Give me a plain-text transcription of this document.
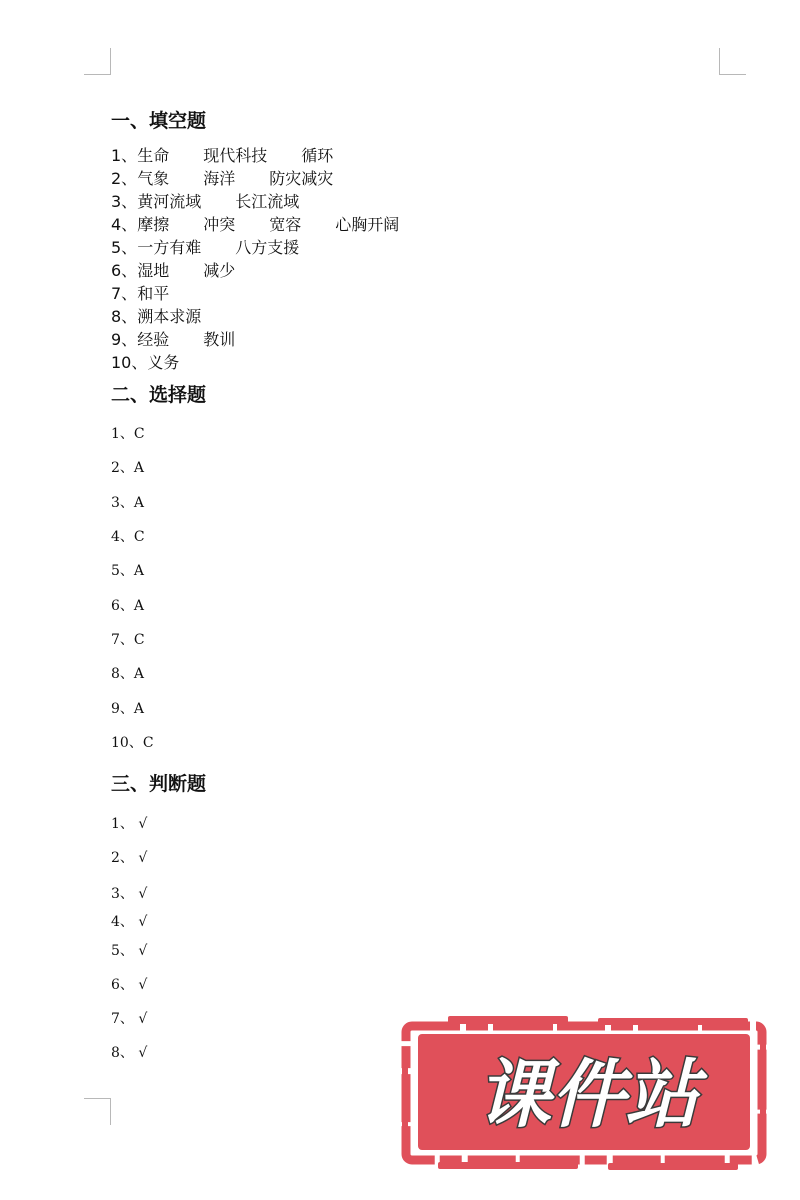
一、填空题
1、生命 现代科技 循环
2、气象 海洋 防灾减灾
3、黄河流域 长江流域
4、摩擦 冲突 宽容 心胸开阔
5、一方有难 八方支援
6、湿地 减少
7、和平
8、溯本求源
9、经验 教训
10、义务
二、选择题
1、C
2、A
3、A
4、C
5、A
6、A
7、C
8、A
9、A
10、C
三、判断题
1、 √
2、 √
3、 √
4、 √
5、 √
6、 √
7、 √
8、 √	课件站
